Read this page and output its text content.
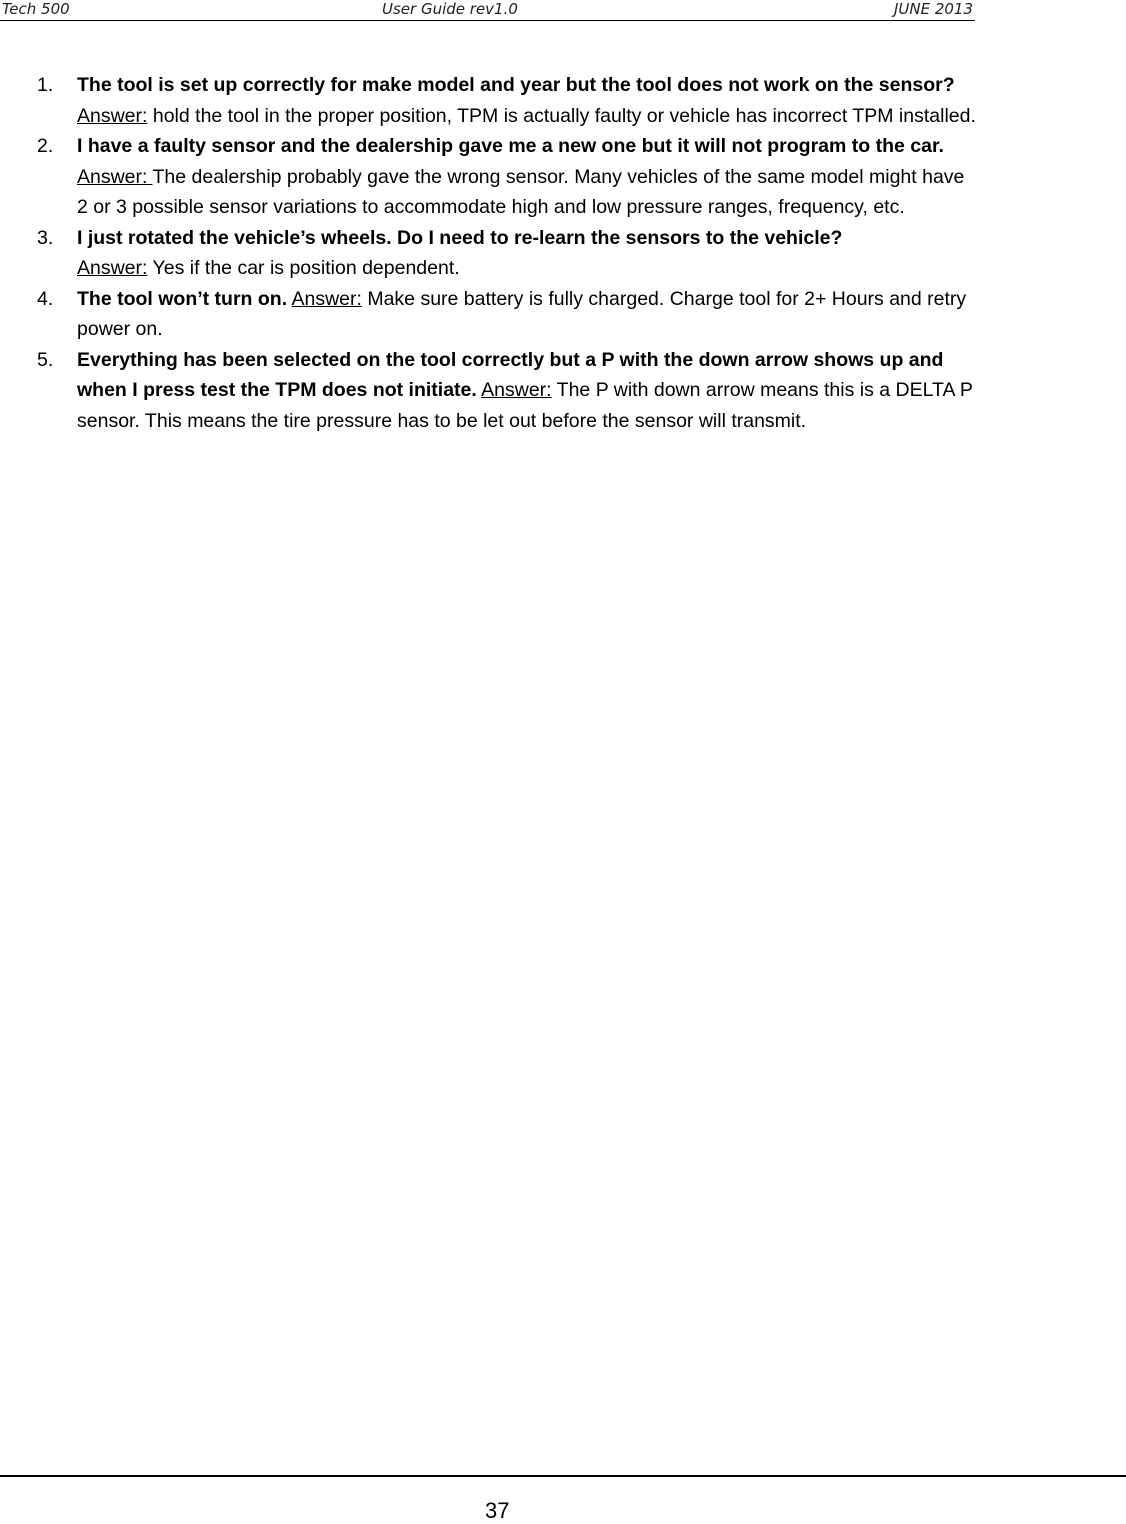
Tech 500	User Guide rev1.0	JUNE 2013
1. The tool is set up correctly for make model and year but the tool does not work on the sensor?
Answer: hold the tool in the proper position, TPM is actually faulty or vehicle has incorrect TPM installed.
2. I have a faulty sensor and the dealership gave me a new one but it will not program to the car. Answer: The dealership probably gave the wrong sensor. Many vehicles of the same model might have 2 or 3 possible sensor variations to accommodate high and low pressure ranges, frequency, etc.
3. I just rotated the vehicle’s wheels. Do I need to re-learn the sensors to the vehicle?
Answer: Yes if the car is position dependent.
4. The tool won’t turn on. Answer: Make sure battery is fully charged. Charge tool for 2+ Hours and retry power on.
5. Everything has been selected on the tool correctly but a P with the down arrow shows up and when I press test the TPM does not initiate. Answer: The P with down arrow means this is a DELTA P sensor. This means the tire pressure has to be let out before the sensor will transmit.
37
